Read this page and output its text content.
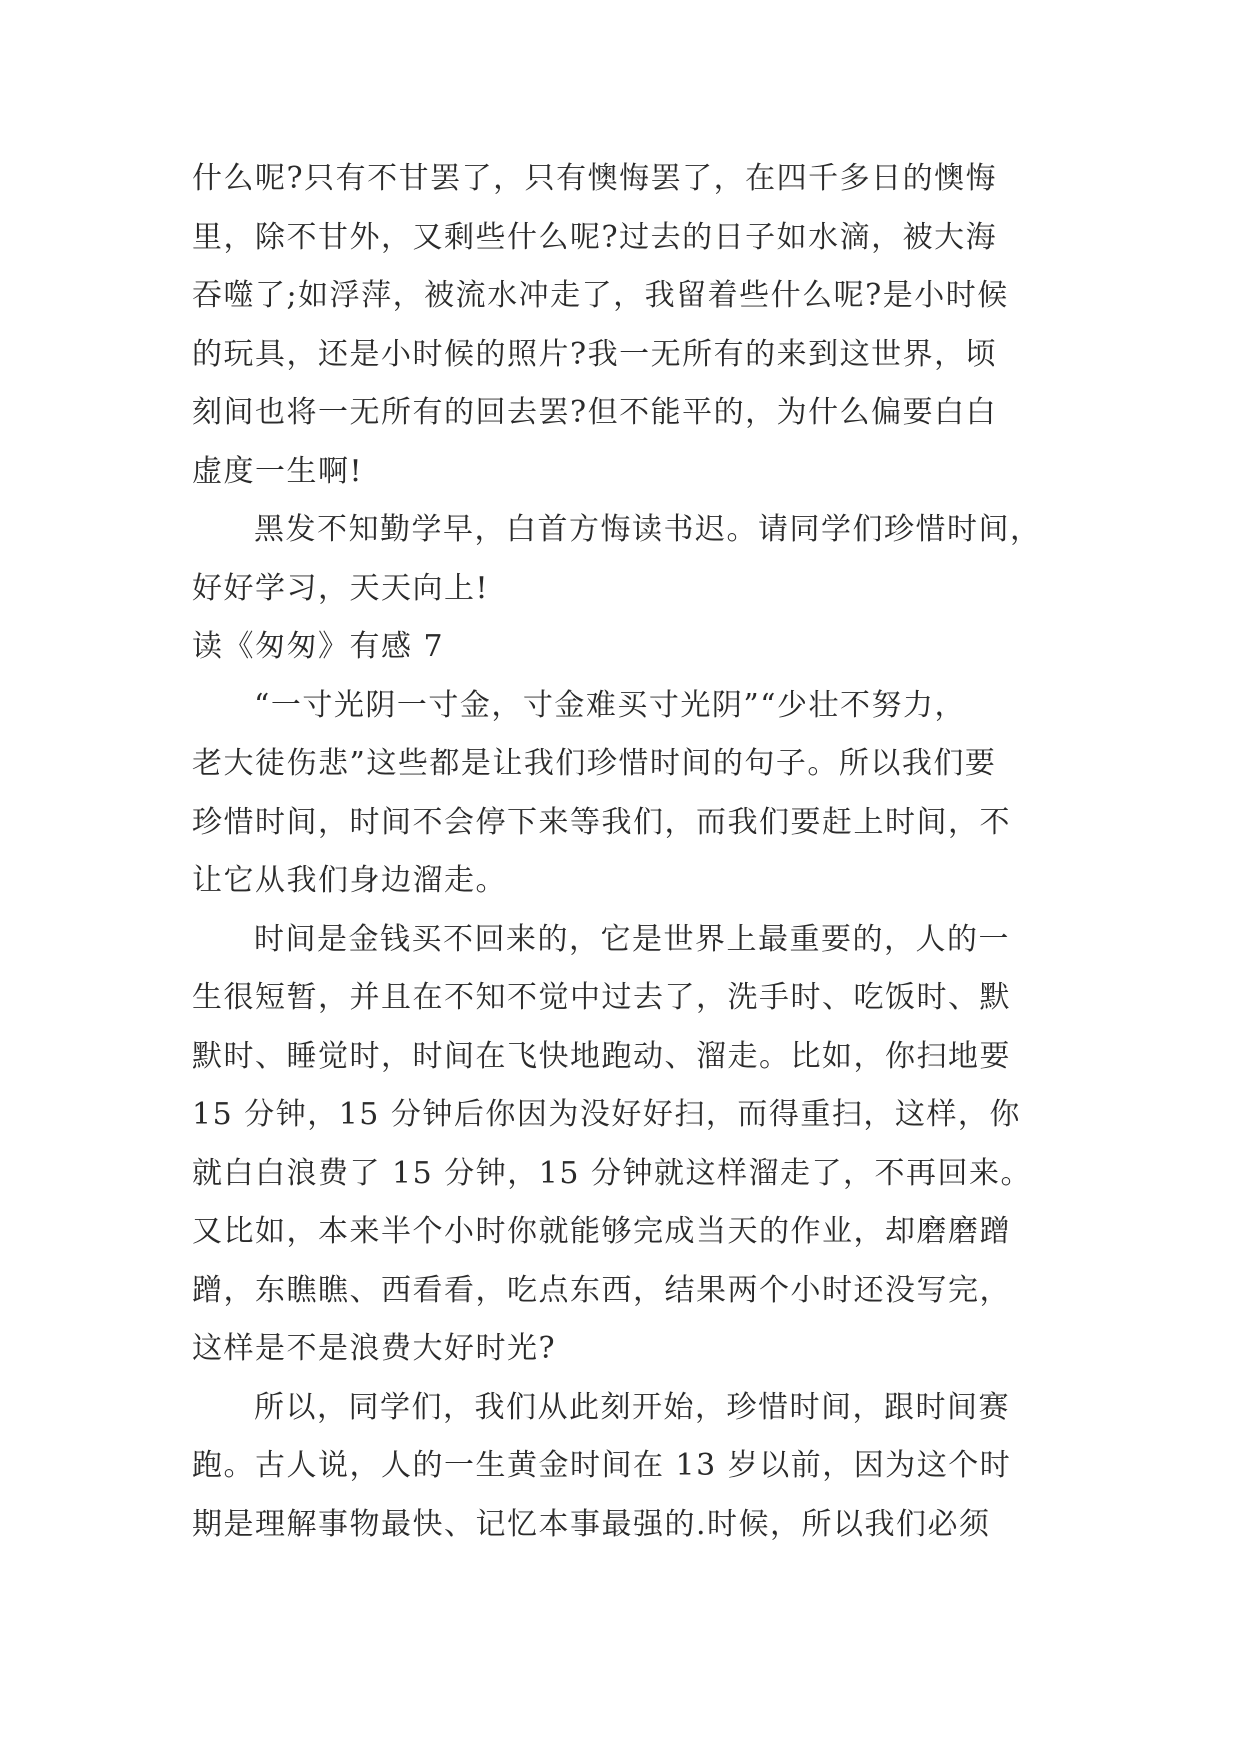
什么呢?只有不甘罢了，只有懊悔罢了，在四千多日的懊悔
里，除不甘外，又剩些什么呢?过去的日子如水滴，被大海
吞噬了;如浮萍，被流水冲走了，我留着些什么呢?是小时候
的玩具，还是小时候的照片?我一无所有的来到这世界，顷
刻间也将一无所有的回去罢?但不能平的，为什么偏要白白
虚度一生啊!
黑发不知勤学早，白首方悔读书迟。请同学们珍惜时间，
好好学习，天天向上!
读《匆匆》有感 7
“一寸光阴一寸金，寸金难买寸光阴”“少壮不努力，
老大徒伤悲”这些都是让我们珍惜时间的句子。所以我们要
珍惜时间，时间不会停下来等我们，而我们要赶上时间，不
让它从我们身边溜走。
时间是金钱买不回来的，它是世界上最重要的，人的一
生很短暂，并且在不知不觉中过去了，洗手时、吃饭时、默
默时、睡觉时，时间在飞快地跑动、溜走。比如，你扫地要
15 分钟，15 分钟后你因为没好好扫，而得重扫，这样，你
就白白浪费了 15 分钟，15 分钟就这样溜走了，不再回来。
又比如，本来半个小时你就能够完成当天的作业，却磨磨蹭
蹭，东瞧瞧、西看看，吃点东西，结果两个小时还没写完，
这样是不是浪费大好时光?
所以，同学们，我们从此刻开始，珍惜时间，跟时间赛
跑。古人说，人的一生黄金时间在 13 岁以前，因为这个时
期是理解事物最快、记忆本事最强的.时候，所以我们必须
